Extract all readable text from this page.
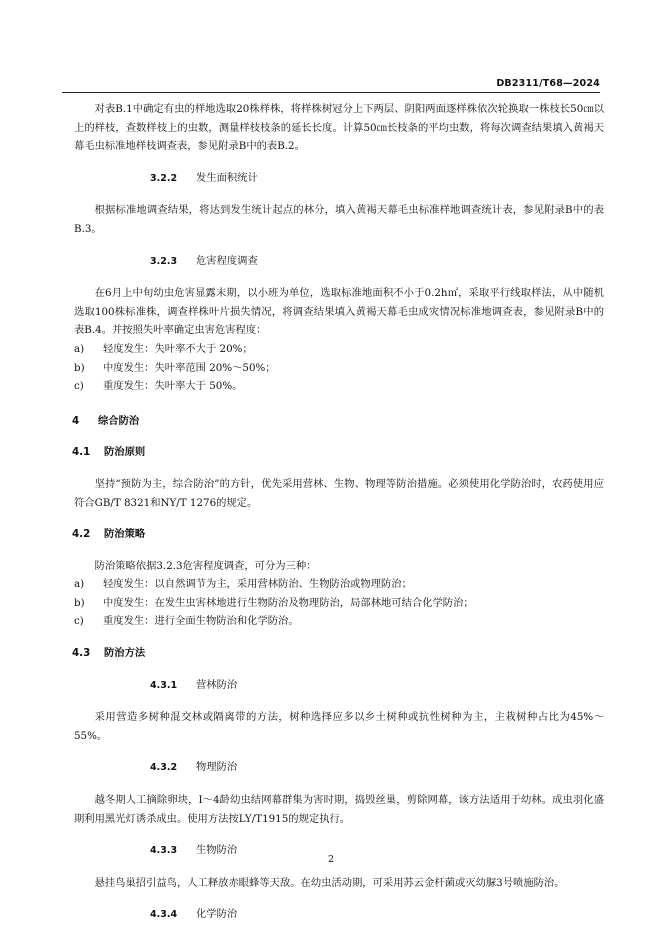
DB2311/T68—2024

对表B.1中确定有虫的样地选取20株样株，将样株树冠分上下两层、阴阳两面逐样株依次轮换取一株枝长50㎝以上的样枝，查数样枝上的虫数，测量样枝枝条的延长长度。计算50㎝长枝条的平均虫数，将每次调查结果填入黄褐天幕毛虫标准地样枝调查表，参见附录B中的表B.2。

3.2.2 发生面积统计

根据标准地调查结果，将达到发生统计起点的林分，填入黄褐天幕毛虫标准样地调查统计表，参见附录B中的表B.3。

3.2.3 危害程度调查

在6月上中旬幼虫危害显露末期，以小班为单位，选取标准地面积不小于0.2h㎡，采取平行线取样法，从中随机选取100株标准株，调查样株叶片损失情况，将调查结果填入黄褐天幕毛虫成灾情况标准地调查表，参见附录B中的表B.4。并按照失叶率确定虫害危害程度：

a) 轻度发生：失叶率不大于 20%；
b) 中度发生：失叶率范围 20%～50%；
c) 重度发生：失叶率大于 50%。
4 综合防治
4.1 防治原则

坚持“预防为主，综合防治”的方针，优先采用营林、生物、物理等防治措施。必须使用化学防治时，农药使用应符合GB/T 8321和NY/T 1276的规定。

4.2 防治策略

防治策略依据3.2.3危害程度调查，可分为三种：

a) 轻度发生：以自然调节为主，采用营林防治、生物防治或物理防治；
b) 中度发生：在发生虫害林地进行生物防治及物理防治，局部林地可结合化学防治；
c) 重度发生：进行全面生物防治和化学防治。
4.3 防治方法
4.3.1 营林防治

采用营造多树种混交林或隔离带的方法，树种选择应多以乡土树种或抗性树种为主，主栽树种占比为45%～55%。

4.3.2 物理防治

越冬期人工摘除卵块，Ⅰ～4龄幼虫结网幕群集为害时期，捣毁丝巢，剪除网幕，该方法适用于幼林。成虫羽化盛期利用黑光灯诱杀成虫。使用方法按LY/T1915的规定执行。

4.3.3 生物防治

悬挂鸟巢招引益鸟，人工释放赤眼蜂等天敌。在幼虫活动期，可采用苏云金杆菌或灭幼脲3号喷施防治。

4.3.4 化学防治
2
